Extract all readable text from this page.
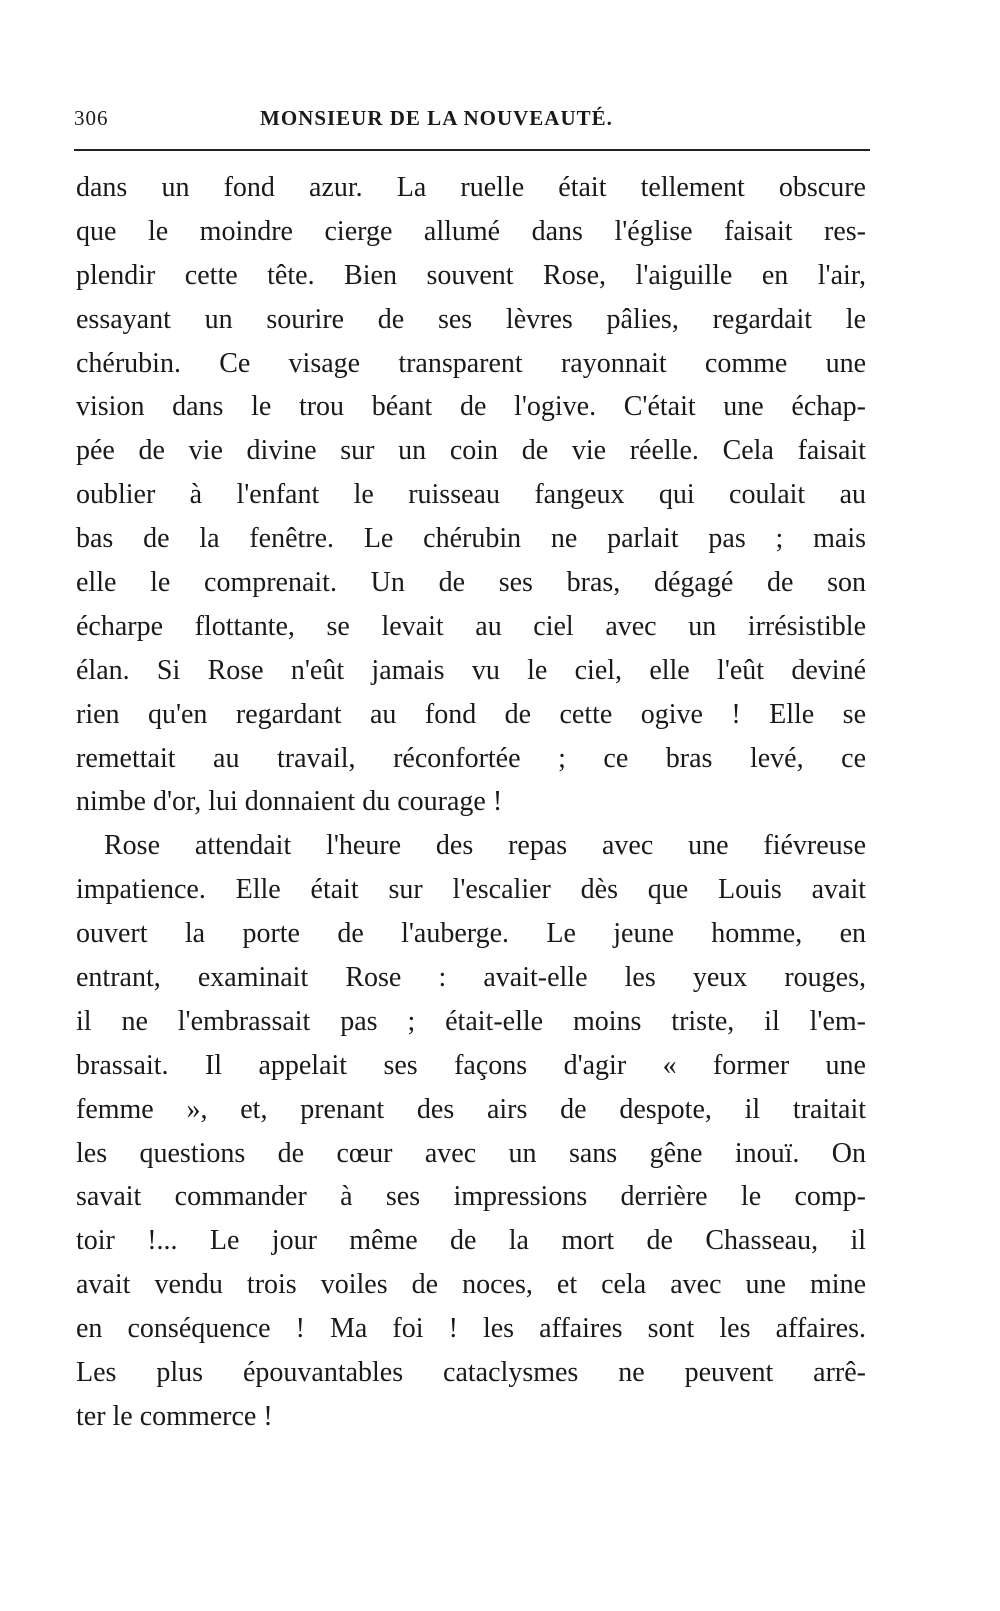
306	MONSIEUR DE LA NOUVEAUTÉ.
dans un fond azur. La ruelle était tellement obscure
que le moindre cierge allumé dans l'église faisait res-
plendir cette tête. Bien souvent Rose, l'aiguille en l'air,
essayant un sourire de ses lèvres pâlies, regardait le
chérubin. Ce visage transparent rayonnait comme une
vision dans le trou béant de l'ogive. C'était une échap-
pée de vie divine sur un coin de vie réelle. Cela faisait
oublier à l'enfant le ruisseau fangeux qui coulait au
bas de la fenêtre. Le chérubin ne parlait pas ; mais
elle le comprenait. Un de ses bras, dégagé de son
écharpe flottante, se levait au ciel avec un irrésistible
élan. Si Rose n'eût jamais vu le ciel, elle l'eût deviné
rien qu'en regardant au fond de cette ogive ! Elle se
remettait au travail, réconfortée ; ce bras levé, ce
nimbe d'or, lui donnaient du courage !
Rose attendait l'heure des repas avec une fiévreuse
impatience. Elle était sur l'escalier dès que Louis avait
ouvert la porte de l'auberge. Le jeune homme, en
entrant, examinait Rose : avait-elle les yeux rouges,
il ne l'embrassait pas ; était-elle moins triste, il l'em-
brassait. Il appelait ses façons d'agir « former une
femme », et, prenant des airs de despote, il traitait
les questions de cœur avec un sans gêne inouï. On
savait commander à ses impressions derrière le comp-
toir !... Le jour même de la mort de Chasseau, il
avait vendu trois voiles de noces, et cela avec une mine
en conséquence ! Ma foi ! les affaires sont les affaires.
Les plus épouvantables cataclysmes ne peuvent arrê-
ter le commerce !
